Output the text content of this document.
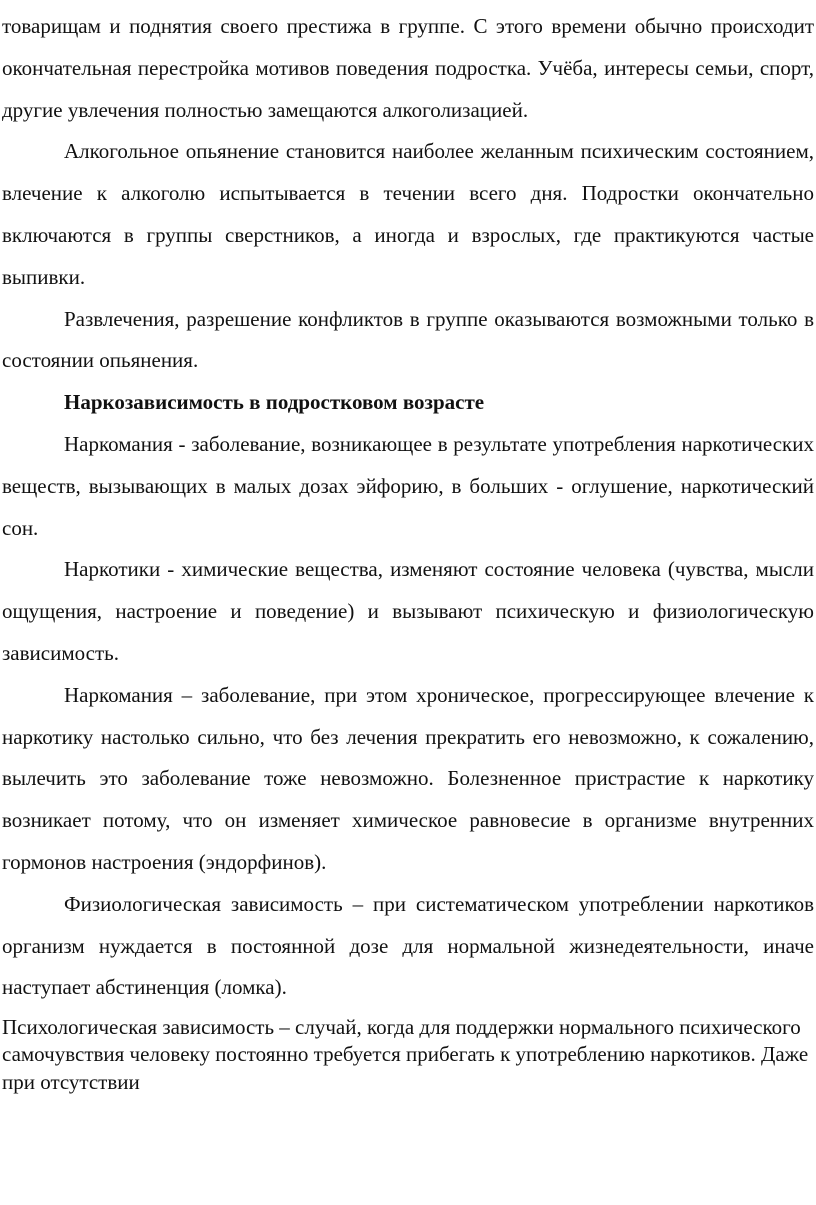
товарищам и поднятия своего престижа в группе. С этого времени обычно происходит окончательная перестройка мотивов поведения подростка. Учёба, интересы семьи, спорт, другие увлечения полностью замещаются алкоголизацией.

Алкогольное опьянение становится наиболее желанным психическим состоянием, влечение к алкоголю испытывается в течении всего дня. Подростки окончательно включаются в группы сверстников, а иногда и взрослых, где практикуются частые выпивки.

Развлечения, разрешение конфликтов в группе оказываются возможными только в состоянии опьянения.

Наркозависимость в подростковом возрасте

Наркомания - заболевание, возникающее в результате употребления наркотических веществ, вызывающих в малых дозах эйфорию, в больших - оглушение, наркотический сон.

Наркотики - химические вещества, изменяют состояние человека (чувства, мысли ощущения, настроение и поведение) и вызывают психическую и физиологическую зависимость.

Наркомания – заболевание, при этом хроническое, прогрессирующее влечение к наркотику настолько сильно, что без лечения прекратить его невозможно, к сожалению, вылечить это заболевание тоже невозможно. Болезненное пристрастие к наркотику возникает потому, что он изменяет химическое равновесие в организме внутренних гормонов настроения (эндорфинов).

Физиологическая зависимость – при систематическом употреблении наркотиков организм нуждается в постоянной дозе для нормальной жизнедеятельности, иначе наступает абстиненция (ломка).

Психологическая зависимость – случай, когда для поддержки нормального психического самочувствия человеку постоянно требуется прибегать к употреблению наркотиков. Даже при отсутствии
